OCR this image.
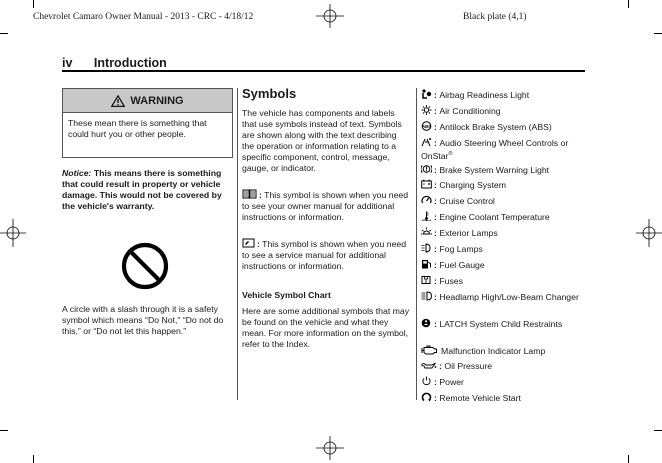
Chevrolet Camaro Owner Manual - 2013 - CRC - 4/18/12	Black plate (4,1)
iv Introduction
WARNING
These mean there is something that could hurt you or other people.
Notice: This means there is something that could result in property or vehicle damage. This would not be covered by the vehicle's warranty.
A circle with a slash through it is a safety symbol which means “Do Not,” “Do not do this,” or “Do not let this happen.”
Symbols
The vehicle has components and labels that use symbols instead of text. Symbols are shown along with the text describing the operation or information relating to a specific component, control, message, gauge, or indicator.
: This symbol is shown when you need to see your owner manual for additional instructions or information.
: This symbol is shown when you need to see a service manual for additional instructions or information.
Vehicle Symbol Chart
Here are some additional symbols that may be found on the vehicle and what they mean. For more information on the symbol, refer to the Index.
: Airbag Readiness Light
: Air Conditioning
ABS : Antilock Brake System (ABS)
: Audio Steering Wheel Controls or OnStar®
: Brake System Warning Light
: Charging System
: Cruise Control
: Engine Coolant Temperature
: Exterior Lamps
: Fog Lamps
: Fuel Gauge
: Fuses
: Headlamp High/Low-Beam Changer
: LATCH System Child Restraints
Malfunction Indicator Lamp
: Oil Pressure
: Power
: Remote Vehicle Start
